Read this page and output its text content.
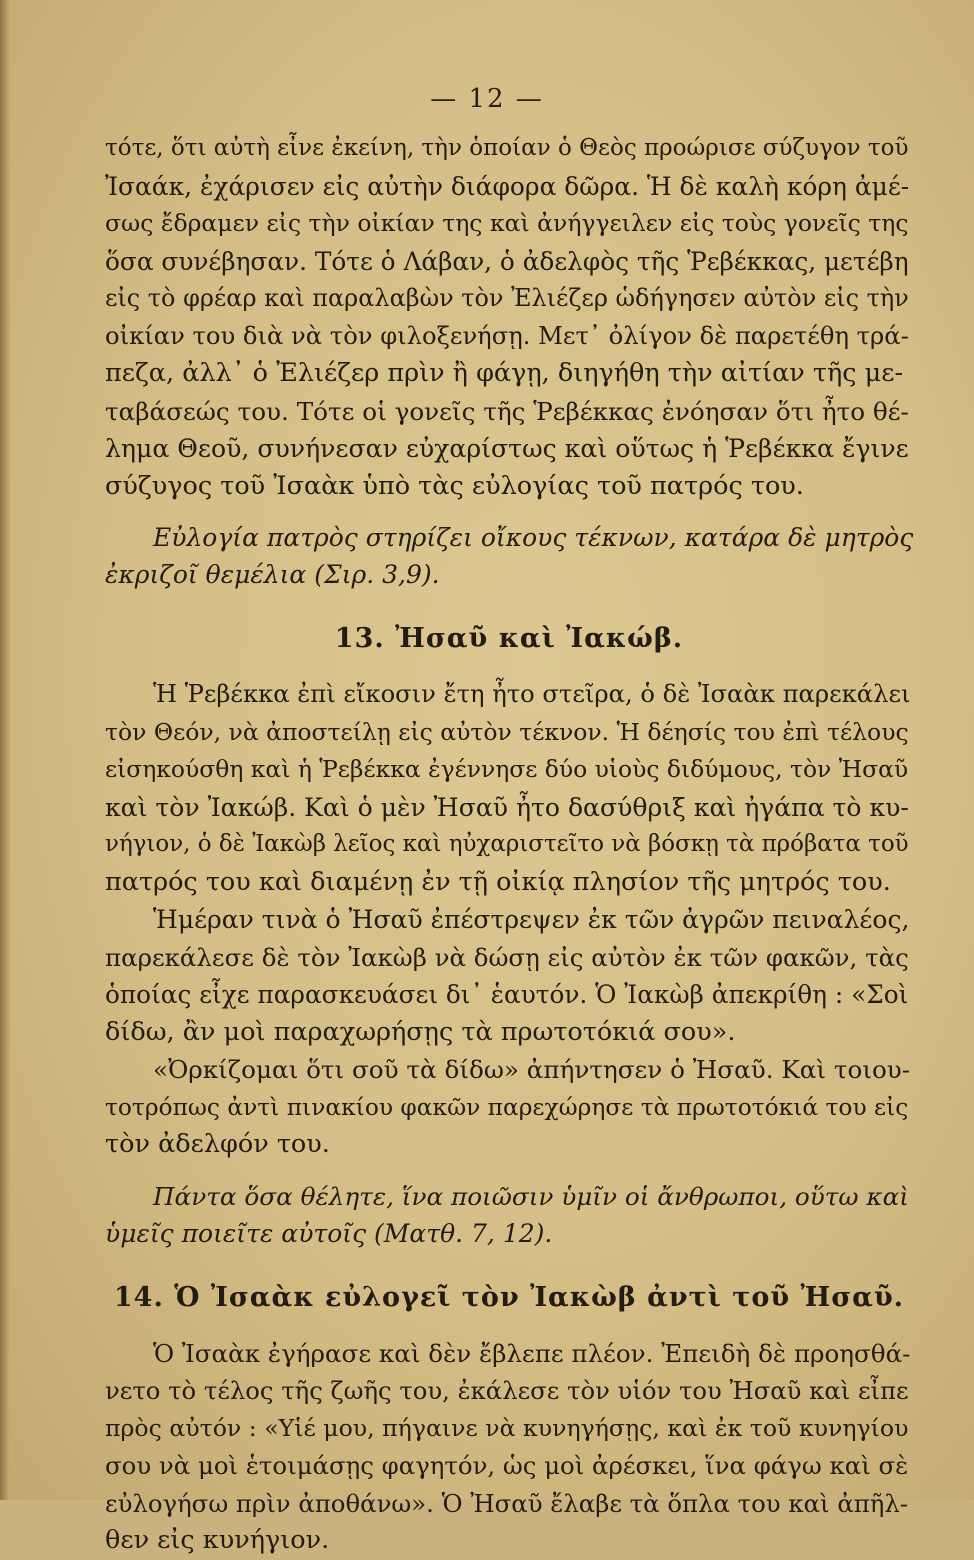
— 12 —

τότε, ὅτι αὐτὴ εἶνε ἐκείνη, τὴν ὁποίαν ὁ Θεὸς προώρισε σύζυγον τοῦ
Ἰσαάκ, ἐχάρισεν εἰς αὐτὴν διάφορα δῶρα. Ἡ δὲ καλὴ κόρη ἀμέ-
σως ἔδραμεν εἰς τὴν οἰκίαν της καὶ ἀνήγγειλεν εἰς τοὺς γονεῖς της
ὅσα συνέβησαν. Τότε ὁ Λάβαν, ὁ ἀδελφὸς τῆς Ῥεβέκκας, μετέβη
εἰς τὸ φρέαρ καὶ παραλαβὼν τὸν Ἐλιέζερ ὡδήγησεν αὐτὸν εἰς τὴν
οἰκίαν του διὰ νὰ τὸν φιλοξενήσῃ. Μετ᾽ ὀλίγον δὲ παρετέθη τρά-
πεζα, ἀλλ᾽ ὁ Ἐλιέζερ πρὶν ἢ φάγῃ, διηγήθη τὴν αἰτίαν τῆς με-
ταβάσεώς του. Τότε οἱ γονεῖς τῆς Ῥεβέκκας ἐνόησαν ὅτι ἦτο θέ-
λημα Θεοῦ, συνήνεσαν εὐχαρίστως καὶ οὕτως ἡ Ῥεβέκκα ἔγινε
σύζυγος τοῦ Ἰσαὰκ ὑπὸ τὰς εὐλογίας τοῦ πατρός του.

Εὐλογία πατρὸς στηρίζει οἴκους τέκνων, κατάρα δὲ μητρὸς
ἐκριζοῖ θεμέλια (Σιρ. 3,9).

13. Ἠσαῦ καὶ Ἰακώβ.

Ἡ Ῥεβέκκα ἐπὶ εἴκοσιν ἔτη ἦτο στεῖρα, ὁ δὲ Ἰσαὰκ παρεκάλει
τὸν Θεόν, νὰ ἀποστείλῃ εἰς αὐτὸν τέκνον. Ἡ δέησίς του ἐπὶ τέλους
εἰσηκούσθη καὶ ἡ Ῥεβέκκα ἐγέννησε δύο υἱοὺς διδύμους, τὸν Ἠσαῦ
καὶ τὸν Ἰακώβ. Καὶ ὁ μὲν Ἠσαῦ ἦτο δασύθριξ καὶ ἠγάπα τὸ κυ-
νήγιον, ὁ δὲ Ἰακὼβ λεῖος καὶ ηὐχαριστεῖτο νὰ βόσκῃ τὰ πρόβατα τοῦ
πατρός του καὶ διαμένῃ ἐν τῇ οἰκίᾳ πλησίον τῆς μητρός του.

Ἡμέραν τινὰ ὁ Ἠσαῦ ἐπέστρεψεν ἐκ τῶν ἀγρῶν πειναλέος,
παρεκάλεσε δὲ τὸν Ἰακὼβ νὰ δώσῃ εἰς αὐτὸν ἐκ τῶν φακῶν, τὰς
ὁποίας εἶχε παρασκευάσει δι᾽ ἑαυτόν. Ὁ Ἰακὼβ ἀπεκρίθη : «Σοὶ
δίδω, ἂν μοὶ παραχωρήσῃς τὰ πρωτοτόκιά σου».

«Ὀρκίζομαι ὅτι σοῦ τὰ δίδω» ἀπήντησεν ὁ Ἠσαῦ. Καὶ τοιου-
τοτρόπως ἀντὶ πινακίου φακῶν παρεχώρησε τὰ πρωτοτόκιά του εἰς
τὸν ἀδελφόν του.

Πάντα ὅσα θέλητε, ἵνα ποιῶσιν ὑμῖν οἱ ἄνθρωποι, οὕτω καὶ
ὑμεῖς ποιεῖτε αὐτοῖς (Ματθ. 7, 12).

14. Ὁ Ἰσαὰκ εὐλογεῖ τὸν Ἰακὼβ ἀντὶ τοῦ Ἠσαῦ.

Ὁ Ἰσαὰκ ἐγήρασε καὶ δὲν ἔβλεπε πλέον. Ἐπειδὴ δὲ προησθά-
νετο τὸ τέλος τῆς ζωῆς του, ἐκάλεσε τὸν υἱόν του Ἠσαῦ καὶ εἶπε
πρὸς αὐτόν : «Υἱέ μου, πήγαινε νὰ κυνηγήσῃς, καὶ ἐκ τοῦ κυνηγίου
σου νὰ μοὶ ἑτοιμάσῃς φαγητόν, ὡς μοὶ ἀρέσκει, ἵνα φάγω καὶ σὲ
εὐλογήσω πρὶν ἀποθάνω». Ὁ Ἠσαῦ ἔλαβε τὰ ὅπλα του καὶ ἀπῆλ-
θεν εἰς κυνήγιον.
